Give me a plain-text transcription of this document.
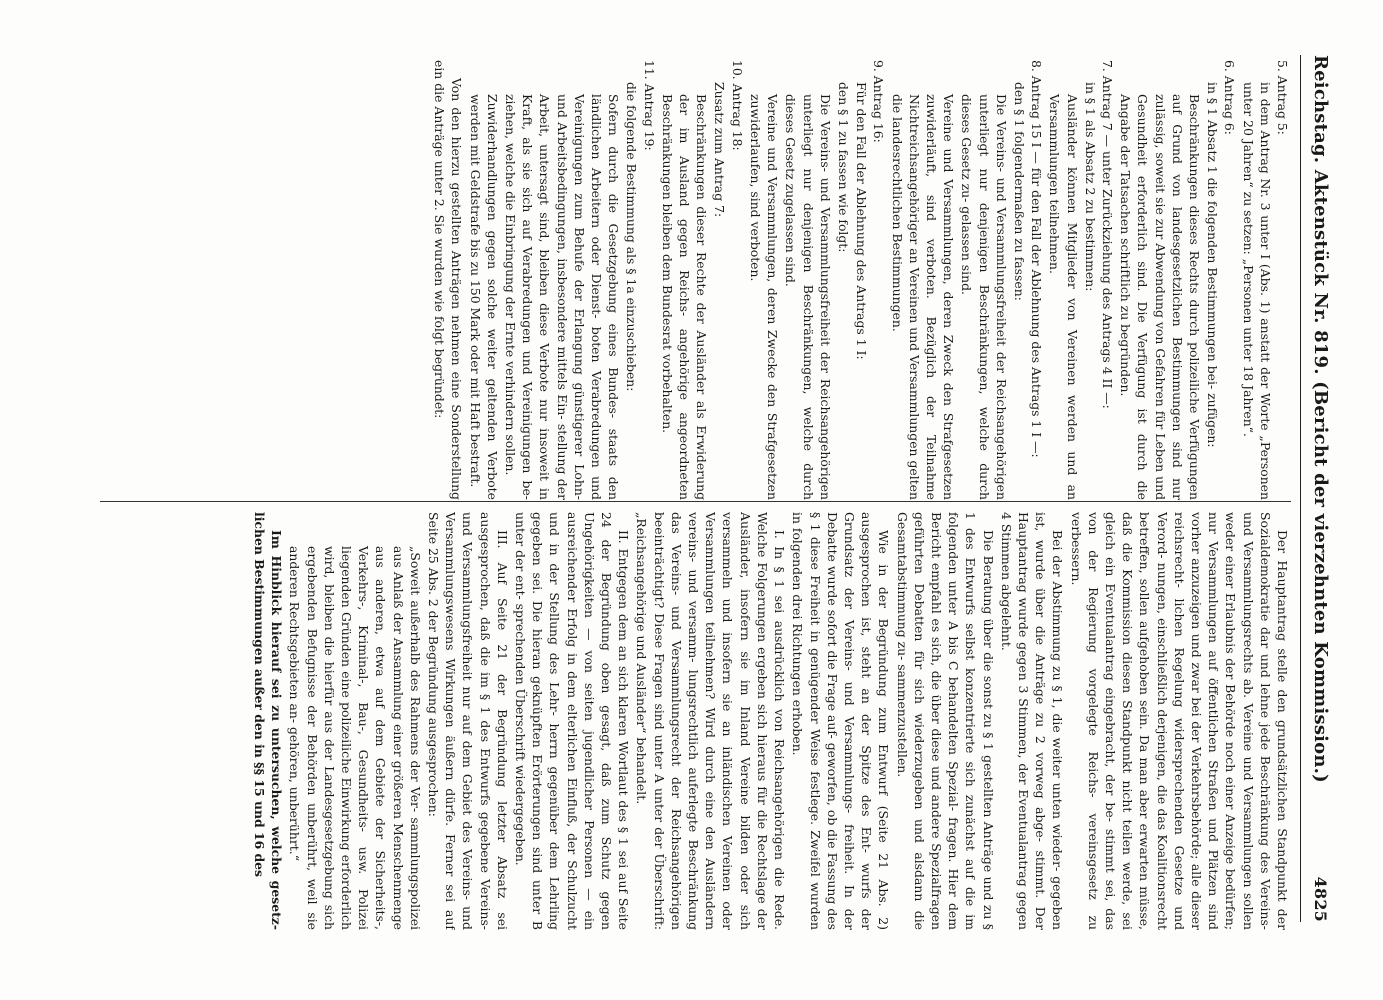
Reichstag. Aktenstück Nr. 819. (Bericht der vierzehnten Kommission.)
4825

5. Antrag 5:

in dem Antrag Nr. 3 unter I (Abs. 1) anstatt der Worte „Personen unter 20 Jahren“ zu setzen: „Personen unter 18 Jahren“.

6. Antrag 6:

in § 1 Absatz 1 die folgenden Bestimmungen bei- zufügen:

Beschränkungen dieses Rechts durch polizeiliche Verfügungen auf Grund von landesgesetzlichen Bestimmungen sind nur zulässig, soweit sie zur Abwendung von Gefahren für Leben und Gesundheit erforderlich sind. Die Verfügung ist durch die Angabe der Tatsachen schriftlich zu begründen.

7. Antrag 7 — unter Zurückziehung des Antrags 4 II —:

in § 1 als Absatz 2 zu bestimmen:

Ausländer können Mitglieder von Vereinen werden und an Versammlungen teilnehmen.

8. Antrag 15 I — für den Fall der Ablehnung des Antrags 1 I —:

den § 1 folgendermaßen zu fassen:

Die Vereins- und Versammlungsfreiheit der Reichsangehörigen unterliegt nur denjenigen Beschränkungen, welche durch dieses Gesetz zu- gelassen sind.

Vereine und Versammlungen, deren Zweck den Strafgesetzen zuwiderläuft, sind verboten. Bezüglich der Teilnahme Nichtreichsangehöriger an Vereinen und Versammlungen gelten die landesrechtlichen Bestimmungen.

9. Antrag 16:

Für den Fall der Ablehnung des Antrags 1 I:

den § 1 zu fassen wie folgt:

Die Vereins- und Versammlungsfreiheit der Reichsangehörigen unterliegt nur denjenigen Beschränkungen, welche durch dieses Gesetz zugelassen sind.

Vereine und Versammlungen, deren Zwecke den Strafgesetzen zuwiderlaufen, sind verboten.

10. Antrag 18:

Zusatz zum Antrag 7:

Beschränkungen dieser Rechte der Ausländer als Erwiderung der im Ausland gegen Reichs- angehörige angeordneten Beschränkungen bleiben dem Bundesrat vorbehalten.

11. Antrag 19:

die folgende Bestimmung als § 1a einzuschieben:

Sofern durch die Gesetzgebung eines Bundes- staats den ländlichen Arbeitern oder Dienst- boten Verabredungen und Vereinigungen zum Behufe der Erlangung günstigerer Lohn- und Arbeitsbedingungen, insbesondere mittels Ein- stellung der Arbeit, untersagt sind, bleiben diese Verbote nur insoweit in Kraft, als sie sich auf Verabredungen und Vereinigungen be- ziehen, welche die Einbringung der Ernte verhindern sollen.

Zuwiderhandlungen gegen solche weiter geltenden Verbote werden mit Geldstrafe bis zu 150 Mark oder mit Haft bestraft.

Von den hierzu gestellten Anträgen nehmen eine Sonderstellung ein die Anträge unter 2. Sie wurden wie folgt begründet:

Der Hauptantrag stelle den grundsätzlichen Standpunkt der Sozialdemokratie dar und lehne jede Beschränkung des Vereins- und Versammlungsrechts ab. Vereine und Versammlungen sollen weder einer Erlaubnis der Behörde noch einer Anzeige bedürfen; nur Versammlungen auf öffentlichen Straßen und Plätzen sind vorher anzuzeigen und zwar bei der Verkehrsbehörde; alle dieser reichsrecht- lichen Regelung widersprechenden Gesetze und Verord- nungen, einschließlich derjenigen, die das Koalitionsrecht betreffen, sollen aufgehoben sein. Da man aber erwarten müsse, daß die Kommission diesen Standpunkt nicht teilen werde, sei gleich ein Eventualantrag eingebracht, der be- stimmt sei, das von der Regierung vorgelegte Reichs- vereinsgesetz zu verbessern.

Bei der Abstimmung zu § 1, die weiter unten wieder- gegeben ist, wurde über die Anträge zu 2 vorweg abge- stimmt. Der Hauptantrag wurde gegen 3 Stimmen, der Eventualantrag gegen 4 Stimmen abgelehnt.

Die Beratung über die sonst zu § 1 gestellten Anträge und zu § 1 des Entwurfs selbst konzentrierte sich zunächst auf die im folgenden unter A bis C behandelten Spezial- fragen. Hier dem Bericht empfahl es sich, die über diese und andere Spezialfragen geführten Debatten für sich wiederzugeben und alsdann die Gesamtabstimmung zu- sammenzustellen.

Wie in der Begründung zum Entwurf (Seite 21 Abs. 2) ausgesprochen ist, steht an der Spitze des Ent- wurfs der Grundsatz der Vereins- und Versammlungs- freiheit. In der Debatte wurde sofort die Frage auf- geworfen, ob die Fassung des § 1 diese Freiheit in genügender Weise festlege. Zweifel wurden in folgenden drei Richtungen erhoben.

I. In § 1 sei ausdrücklich von Reichsangehörigen die Rede. Welche Folgerungen ergeben sich hieraus für die Rechtslage der Ausländer, insofern sie im Inland Vereine bilden oder sich versammeln und insofern sie an inländischen Vereinen oder Versammlungen teilnehmen? Wird durch eine den Ausländern vereins- und versamm- lungsrechtlich auferlegte Beschränkung das Vereins- und Versammlungsrecht der Reichsangehörigen beeinträchtigt? Diese Fragen sind unter A unter der Überschrift: „Reichsangehörige und Ausländer“ behandelt.

II. Entgegen dem an sich klaren Wortlaut des § 1 sei auf Seite 24 der Begründung oben gesagt, daß zum Schutz gegen Ungehörigkeiten — von seiten jugendlicher Personen — ein ausreichender Erfolg in dem elterlichen Einfluß, der Schulzucht und in der Stellung des Lehr- herrn gegenüber dem Lehrling gegeben sei. Die hieran geknüpften Erörterungen sind unter B unter der ent- sprechenden Überschrift wiedergegeben.

III. Auf Seite 21 der Begründung letzter Absatz sei ausgesprochen, daß die im § 1 des Entwurfs gegebene Vereins- und Versammlungsfreiheit nur auf dem Gebiet des Vereins- und Versammlungswesens Wirkungen äußern dürfe. Ferner sei auf Seite 25 Abs. 2 der Begründung ausgesprochen:

„Soweit außerhalb des Rahmens der Ver- sammlungspolizei aus Anlaß der Ansammlung einer größeren Menschenmenge aus anderen, etwa auf dem Gebiete der Sicherheits-, Verkehrs-, Kriminal-, Bau-, Gesundheits- usw. Polizei liegenden Gründen eine polizeiliche Einwirkung erforderlich wird, bleiben die hierfür aus der Landesgesetzgebung sich ergebenden Befugnisse der Behörden unberührt, weil sie anderen Rechtsgebieten an- gehören, unberührt.“

Im Hinblick hierauf sei zu untersuchen, welche gesetz- lichen Bestimmungen außer den in §§ 15 und 16 des
